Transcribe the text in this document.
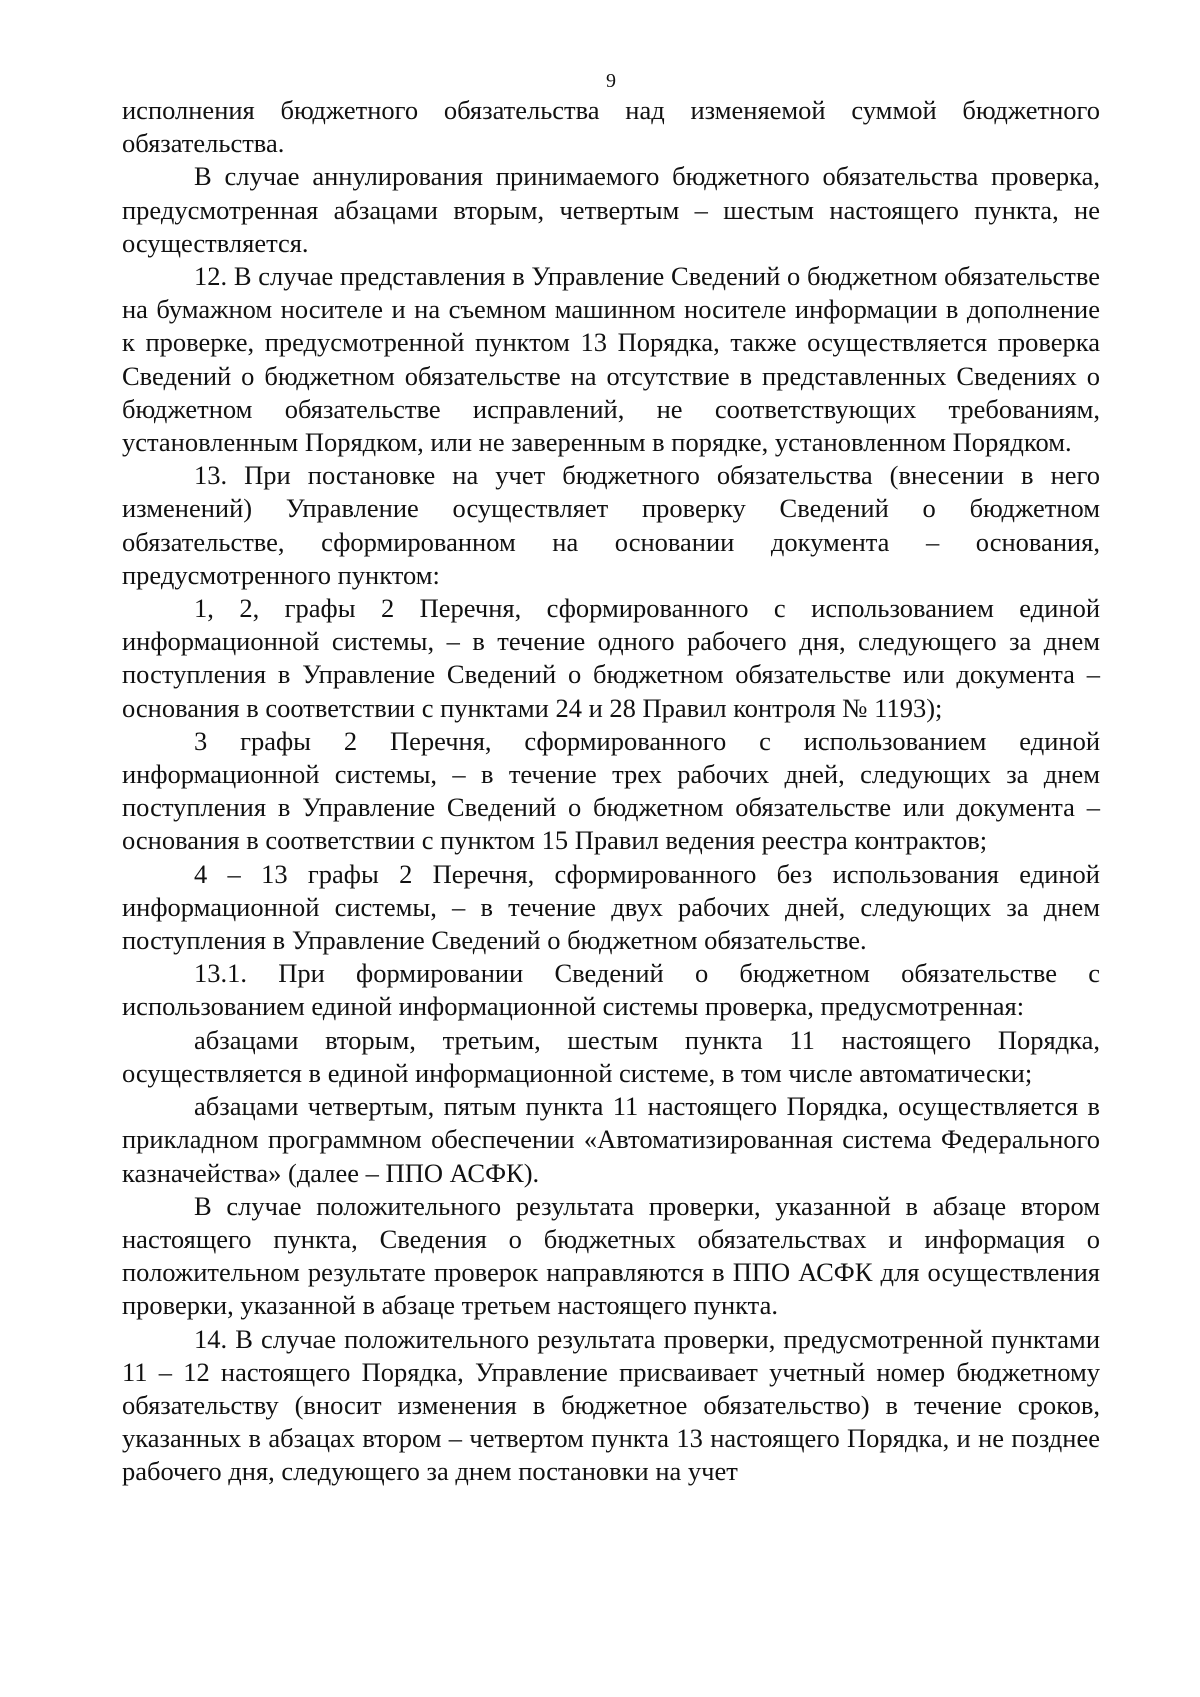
9

исполнения бюджетного обязательства над изменяемой суммой бюджетного обязательства.

В случае аннулирования принимаемого бюджетного обязательства проверка, предусмотренная абзацами вторым, четвертым – шестым настоящего пункта, не осуществляется.

12. В случае представления в Управление Сведений о бюджетном обязательстве на бумажном носителе и на съемном машинном носителе информации в дополнение к проверке, предусмотренной пунктом 13 Порядка, также осуществляется проверка Сведений о бюджетном обязательстве на отсутствие в представленных Сведениях о бюджетном обязательстве исправлений, не соответствующих требованиям, установленным Порядком, или не заверенным в порядке, установленном Порядком.

13. При постановке на учет бюджетного обязательства (внесении в него изменений) Управление осуществляет проверку Сведений о бюджетном обязательстве, сформированном на основании документа – основания, предусмотренного пунктом:

1, 2, графы 2 Перечня, сформированного с использованием единой информационной системы, – в течение одного рабочего дня, следующего за днем поступления в Управление Сведений о бюджетном обязательстве или документа – основания в соответствии с пунктами 24 и 28 Правил контроля № 1193);

3 графы 2 Перечня, сформированного с использованием единой информационной системы, – в течение трех рабочих дней, следующих за днем поступления в Управление Сведений о бюджетном обязательстве или документа – основания в соответствии с пунктом 15 Правил ведения реестра контрактов;

4 – 13 графы 2 Перечня, сформированного без использования единой информационной системы, – в течение двух рабочих дней, следующих за днем поступления в Управление Сведений о бюджетном обязательстве.

13.1. При формировании Сведений о бюджетном обязательстве с использованием единой информационной системы проверка, предусмотренная:

абзацами вторым, третьим, шестым пункта 11 настоящего Порядка, осуществляется в единой информационной системе, в том числе автоматически;

абзацами четвертым, пятым пункта 11 настоящего Порядка, осуществляется в прикладном программном обеспечении «Автоматизированная система Федерального казначейства» (далее – ППО АСФК).

В случае положительного результата проверки, указанной в абзаце втором настоящего пункта, Сведения о бюджетных обязательствах и информация о положительном результате проверок направляются в ППО АСФК для осуществления проверки, указанной в абзаце третьем настоящего пункта.

14. В случае положительного результата проверки, предусмотренной пунктами 11 – 12 настоящего Порядка, Управление присваивает учетный номер бюджетному обязательству (вносит изменения в бюджетное обязательство) в течение сроков, указанных в абзацах втором – четвертом пункта 13 настоящего Порядка, и не позднее рабочего дня, следующего за днем постановки на учет
